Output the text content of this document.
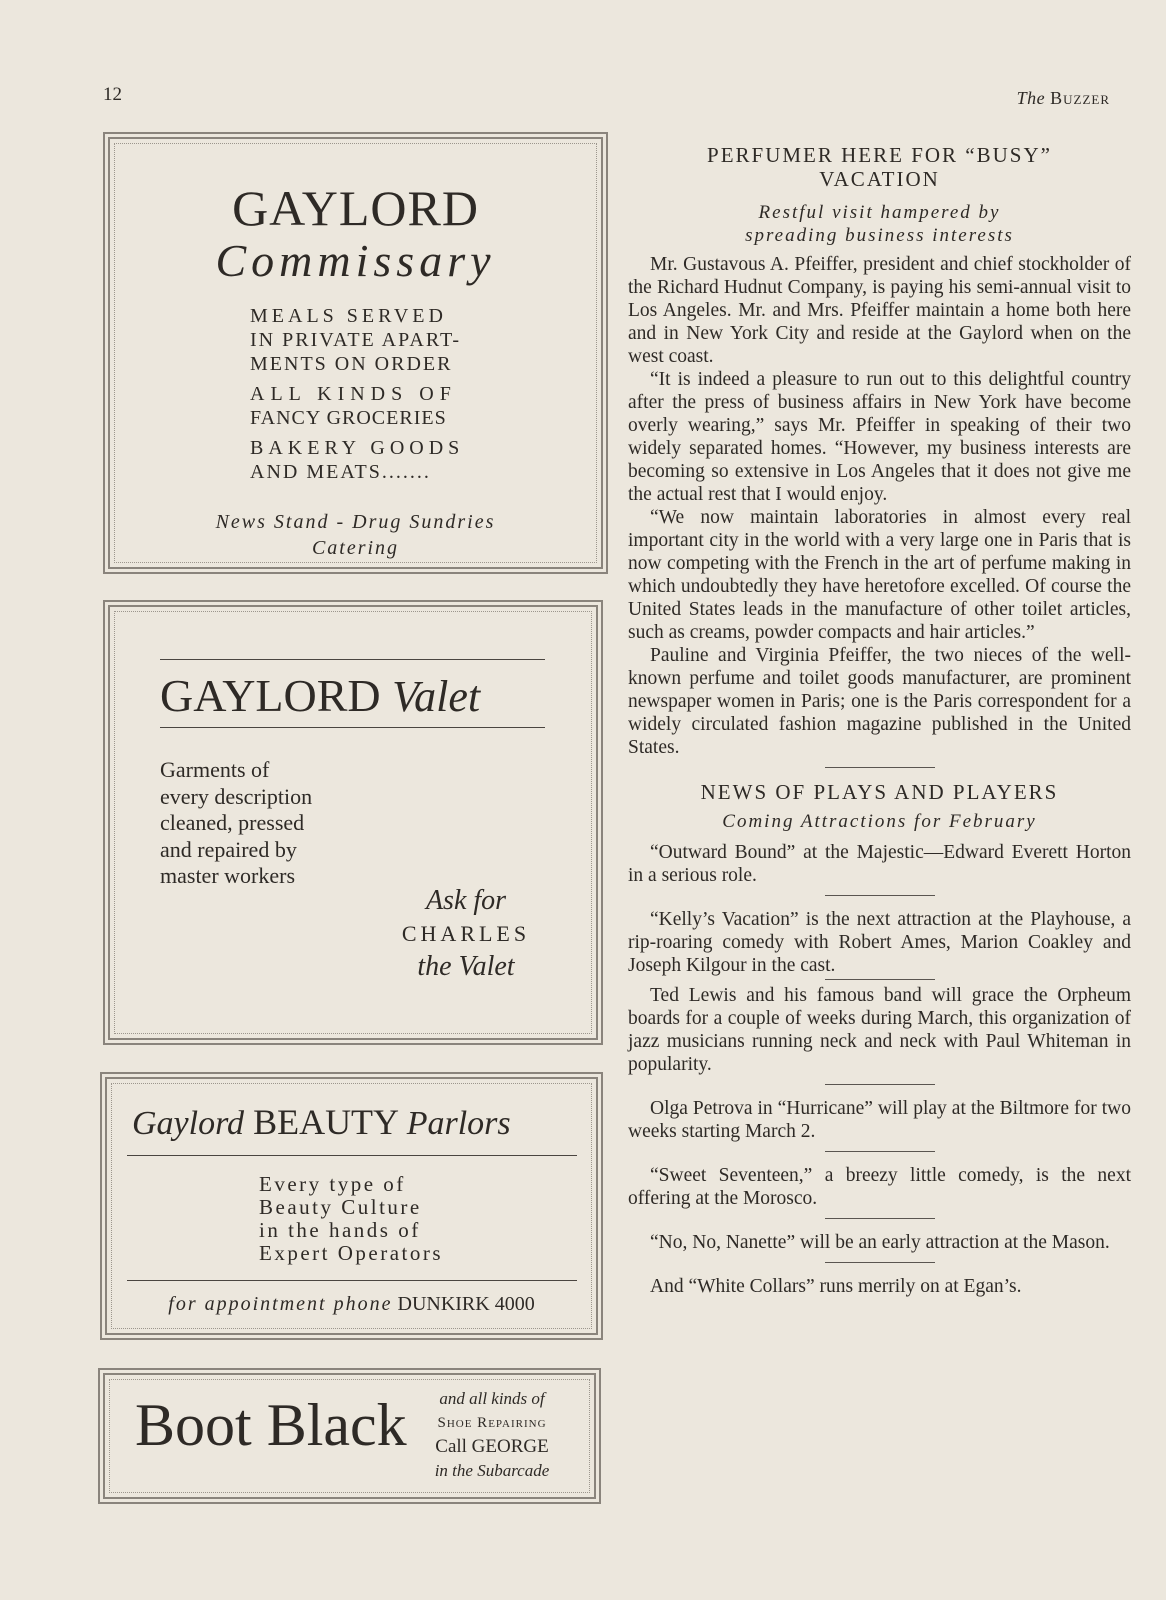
12	The Buzzer
GAYLORD
Commissary
MEALS SERVED
IN PRIVATE APART-
MENTS ON ORDER
ALL KINDS OF
FANCY GROCERIES
BAKERY GOODS
AND MEATS.......
News Stand - Drug Sundries
Catering
GAYLORD Valet
Garments of
every description
cleaned, pressed
and repaired by
master workers
Ask for
CHARLES
the Valet
Gaylord BEAUTY Parlors
Every type of
Beauty Culture
in the hands of
Expert Operators
for appointment phone DUNKIRK 4000
Boot Black	and all kinds of
Shoe Repairing
Call GEORGE
in the Subarcade
PERFUMER HERE FOR “BUSY”
VACATION
Restful visit hampered by
spreading business interests

Mr. Gustavous A. Pfeiffer, president and chief stockholder of the Richard Hudnut Company, is paying his semi-annual visit to Los Angeles. Mr. and Mrs. Pfeiffer maintain a home both here and in New York City and reside at the Gaylord when on the west coast.

“It is indeed a pleasure to run out to this delightful country after the press of business affairs in New York have become overly wearing,” says Mr. Pfeiffer in speaking of their two widely separated homes. “However, my business interests are becoming so extensive in Los Angeles that it does not give me the actual rest that I would enjoy.

“We now maintain laboratories in almost every real important city in the world with a very large one in Paris that is now competing with the French in the art of perfume making in which undoubtedly they have heretofore excelled. Of course the United States leads in the manufacture of other toilet articles, such as creams, powder compacts and hair articles.”

Pauline and Virginia Pfeiffer, the two nieces of the well-known perfume and toilet goods manufacturer, are prominent newspaper women in Paris; one is the Paris correspondent for a widely circulated fashion magazine published in the United States.

NEWS OF PLAYS AND PLAYERS
Coming Attractions for February

“Outward Bound” at the Majestic—Edward Everett Horton in a serious role.

“Kelly’s Vacation” is the next attraction at the Playhouse, a rip-roaring comedy with Robert Ames, Marion Coakley and Joseph Kilgour in the cast.

Ted Lewis and his famous band will grace the Orpheum boards for a couple of weeks during March, this organization of jazz musicians running neck and neck with Paul Whiteman in popularity.

Olga Petrova in “Hurricane” will play at the Biltmore for two weeks starting March 2.

“Sweet Seventeen,” a breezy little comedy, is the next offering at the Morosco.

“No, No, Nanette” will be an early attraction at the Mason.

And “White Collars” runs merrily on at Egan’s.
